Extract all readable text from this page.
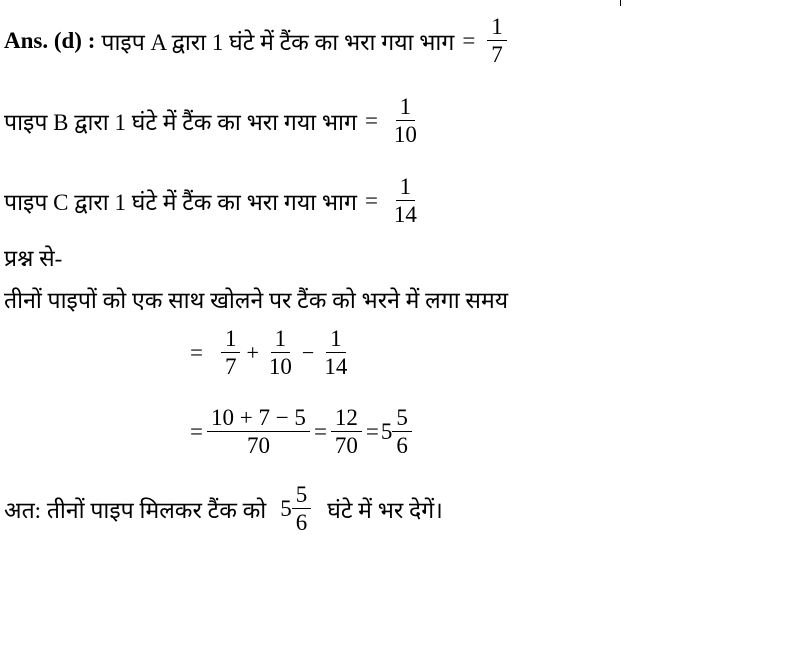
Ans. (d) : पाइप A द्वारा 1 घंटे में टैंक का भरा गया भाग = $\frac{1}{7}$
पाइप B द्वारा 1 घंटे में टैंक का भरा गया भाग = $\frac{1}{10}$
पाइप C द्वारा 1 घंटे में टैंक का भरा गया भाग = $\frac{1}{14}$
प्रश्न से-
तीनों पाइपों को एक साथ खोलने पर टैंक को भरने में लगा समय
= $\frac{1}{7} + \frac{1}{10} - \frac{1}{14}$
= $\frac{10 + 7 - 5}{70} = \frac{12}{70} = 5 \frac{5}{6}$
अत: तीनों पाइप मिलकर टैंक को $5 \frac{5}{6}$ घंटे में भर देगें।
